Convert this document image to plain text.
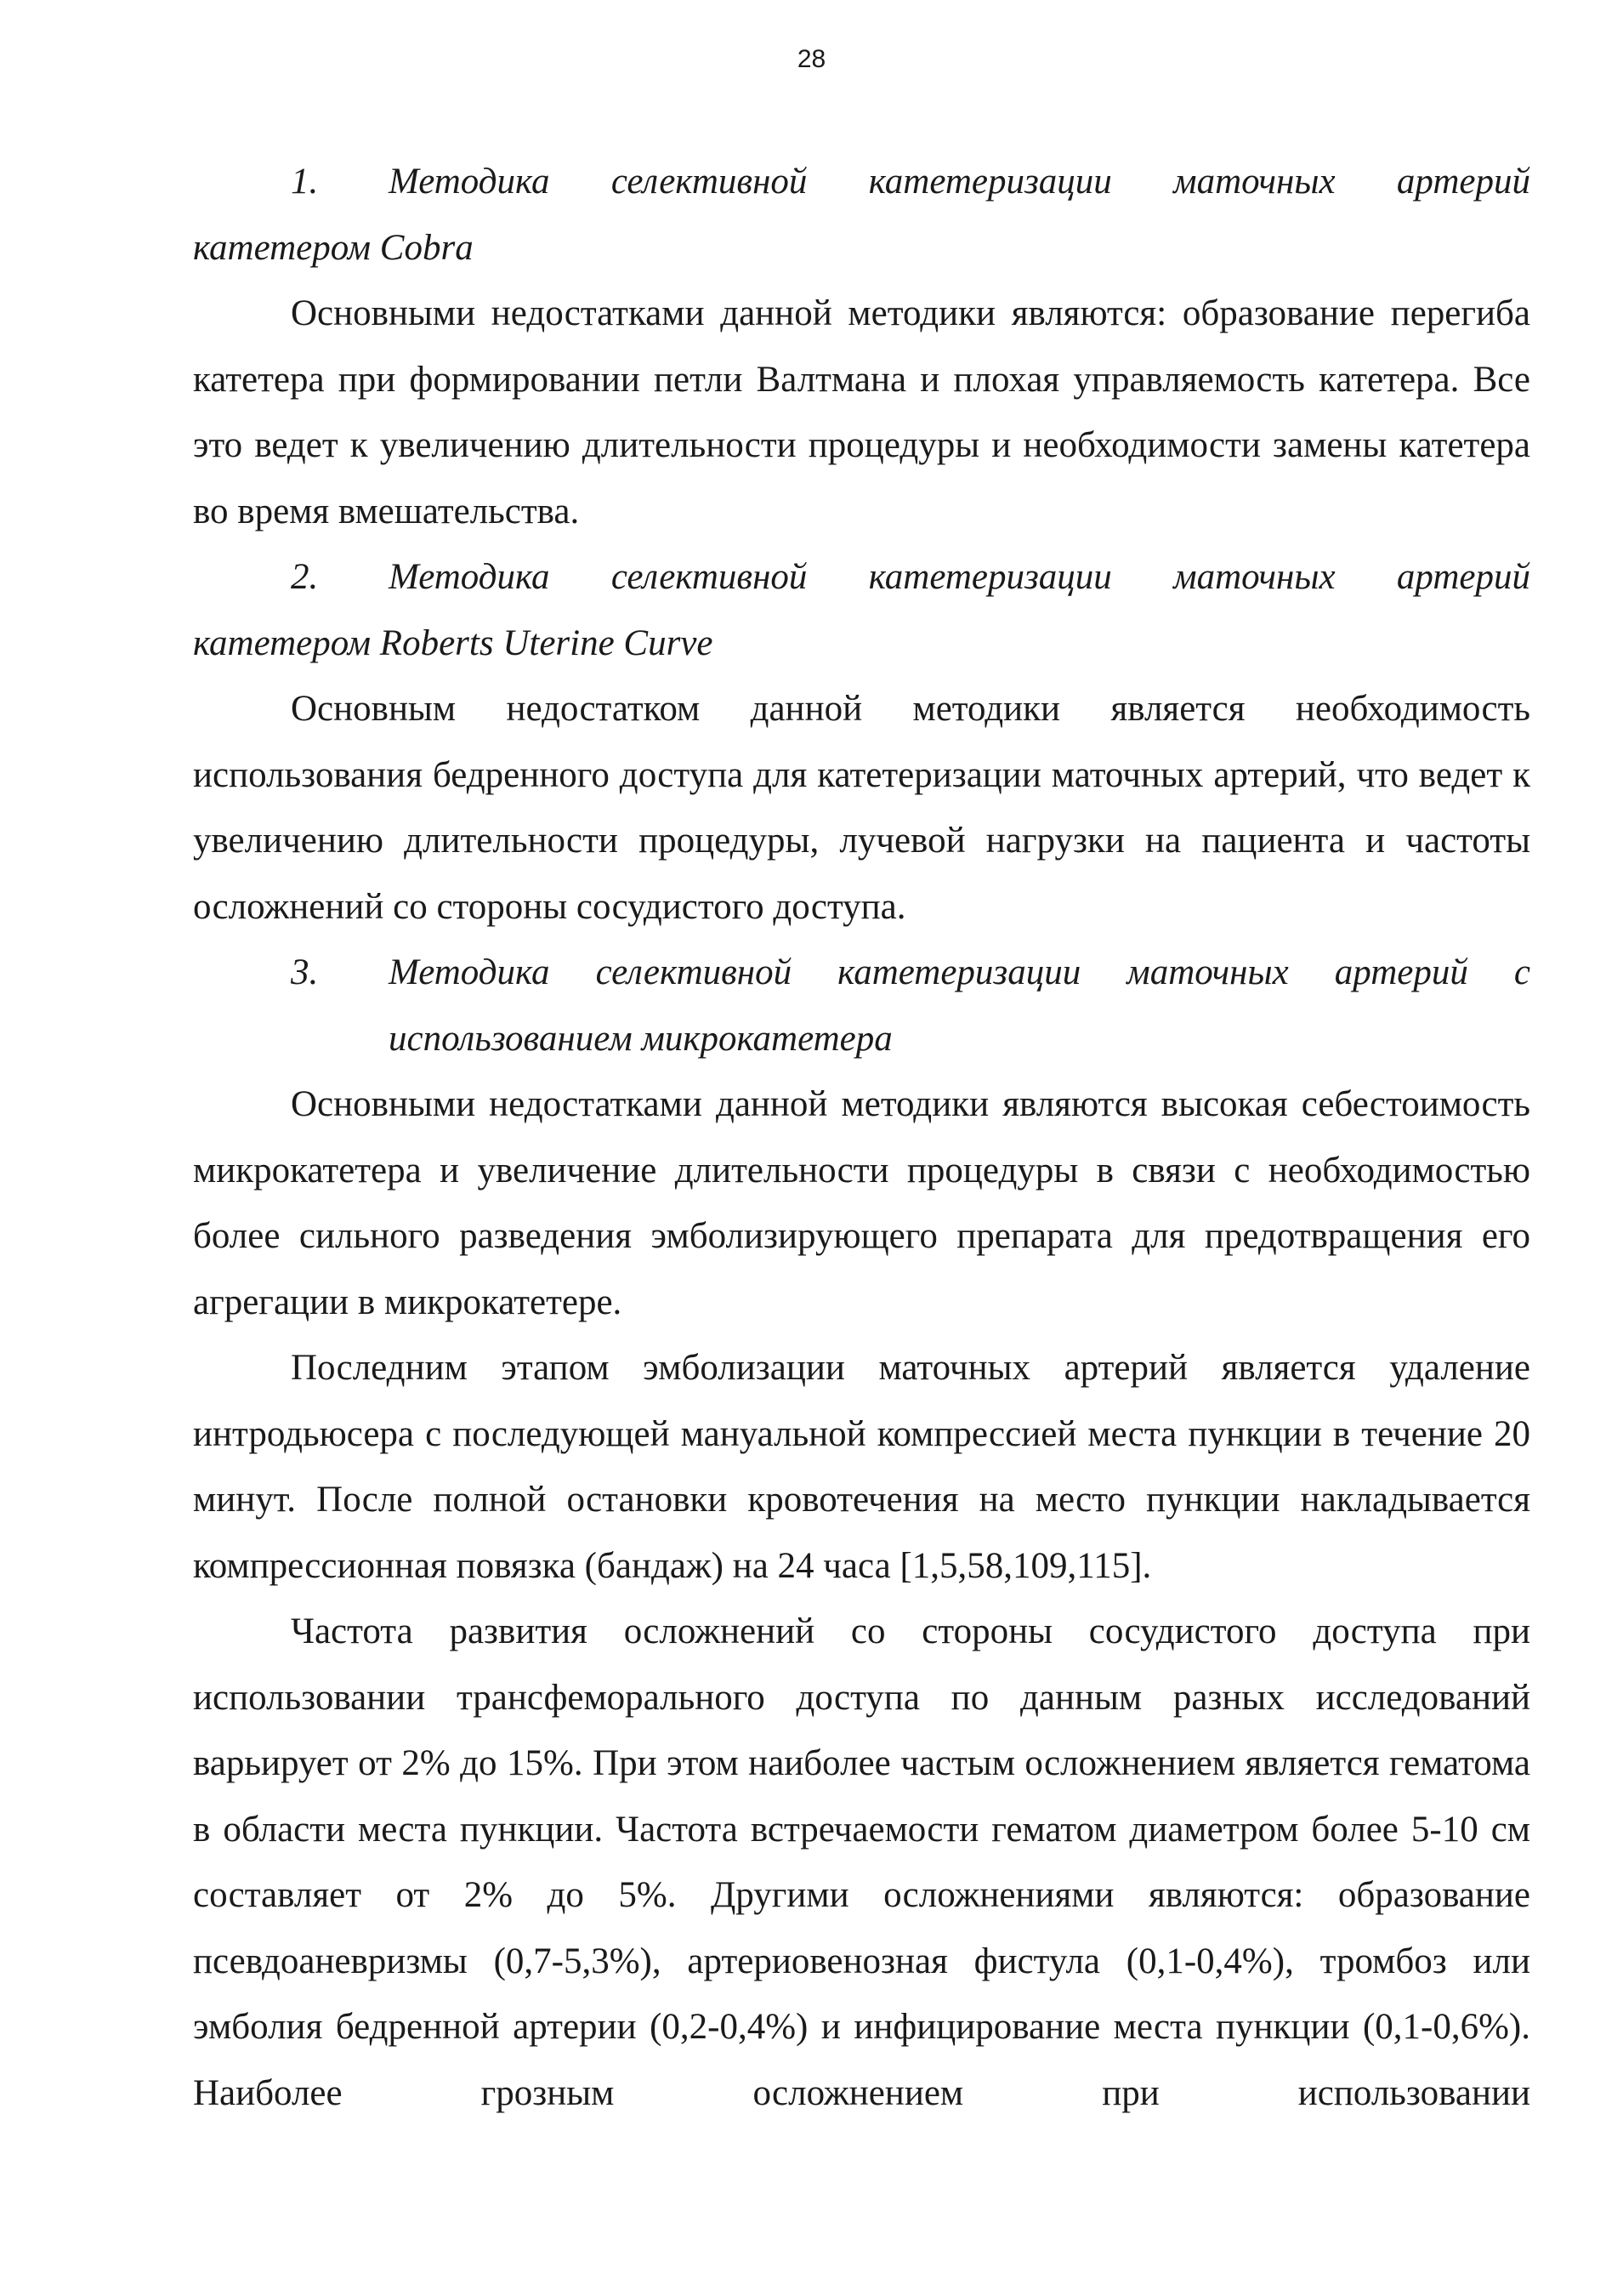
28

1. Методика селективной катетеризации маточных артерий

катетером Cobra

Основными недостатками данной методики являются: образование перегиба катетера при формировании петли Валтмана и плохая управляемость катетера. Все это ведет к увеличению длительности процедуры и необходимости замены катетера во время вмешательства.

2. Методика селективной катетеризации маточных артерий

катетером Roberts Uterine Curve

Основным недостатком данной методики является необходимость использования бедренного доступа для катетеризации маточных артерий, что ведет к увеличению длительности процедуры, лучевой нагрузки на пациента и частоты осложнений со стороны сосудистого доступа.

3. Методика селективной катетеризации маточных артерий с

использованием микрокатетера

Основными недостатками данной методики являются высокая себестоимость микрокатетера и увеличение длительности процедуры в связи с необходимостью более сильного разведения эмболизирующего препарата для предотвращения его агрегации в микрокатетере.

Последним этапом эмболизации маточных артерий является удаление интродьюсера с последующей мануальной компрессией места пункции в течение 20 минут. После полной остановки кровотечения на место пункции накладывается компрессионная повязка (бандаж) на 24 часа [1,5,58,109,115].

Частота развития осложнений со стороны сосудистого доступа при использовании трансфеморального доступа по данным разных исследований варьирует от 2% до 15%. При этом наиболее частым осложнением является гематома в области места пункции. Частота встречаемости гематом диаметром более 5-10 см составляет от 2% до 5%. Другими осложнениями являются: образование псевдоаневризмы (0,7-5,3%), артериовенозная фистула (0,1-0,4%), тромбоз или эмболия бедренной артерии (0,2-0,4%) и инфицирование места пункции (0,1-0,6%). Наиболее грозным осложнением при использовании
